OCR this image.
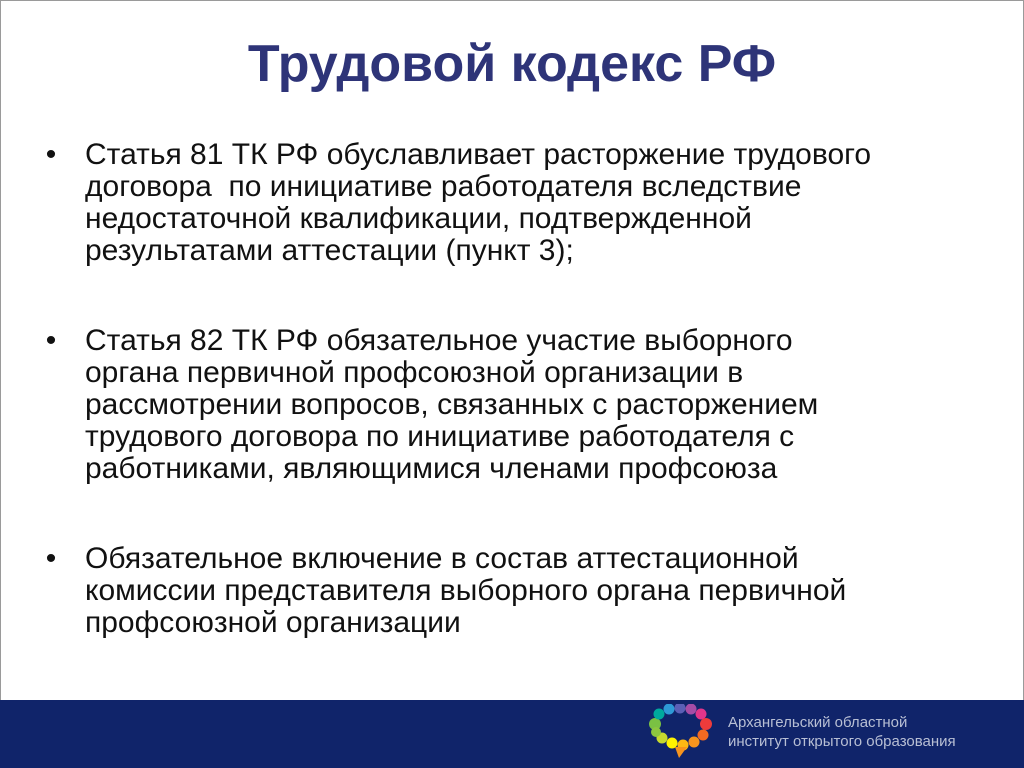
Трудовой кодекс РФ
• Статья 81 ТК РФ обуславливает расторжение трудового
договора  по инициативе работодателя вследствие
недостаточной квалификации, подтвержденной
результатами аттестации (пункт 3);
• Статья 82 ТК РФ обязательное участие выборного
органа первичной профсоюзной организации в
рассмотрении вопросов, связанных с расторжением
трудового договора по инициативе работодателя с
работниками, являющимися членами профсоюза
• Обязательное включение в состав аттестационной
комиссии представителя выборного органа первичной
профсоюзной организации
Архангельский областной
институт открытого образования
